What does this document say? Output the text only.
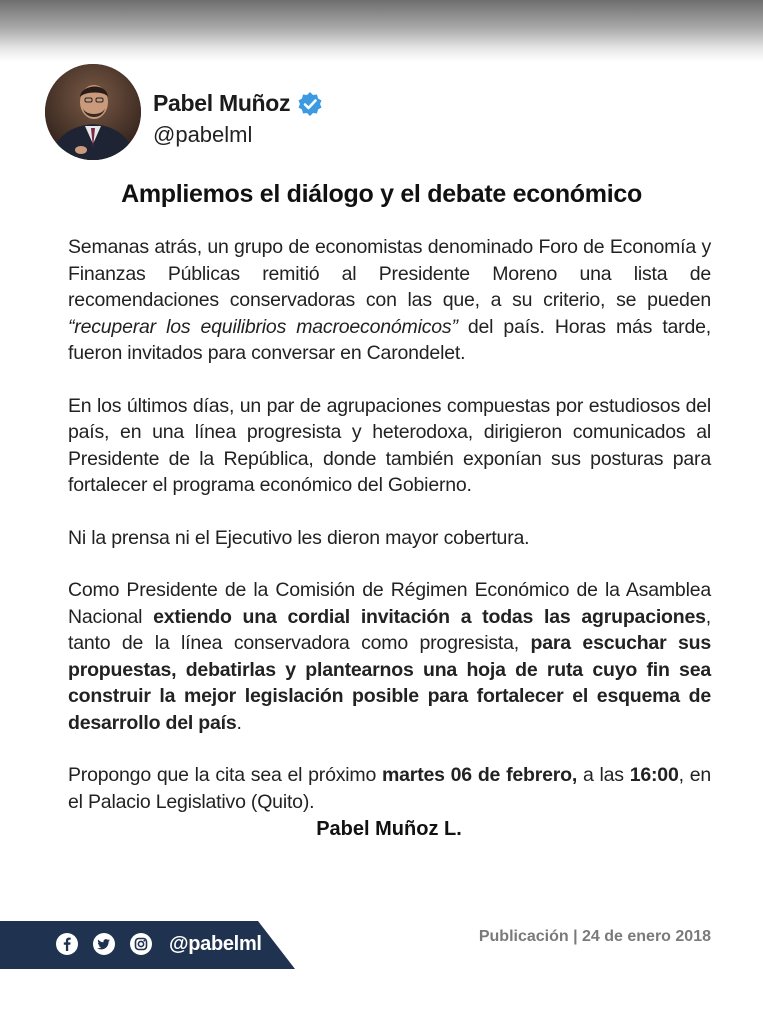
Pabel Muñoz
@pabelml
Ampliemos el diálogo y el debate económico

Semanas atrás, un grupo de economistas denominado Foro de Economía y Finanzas Públicas remitió al Presidente Moreno una lista de recomendaciones conservadoras con las que, a su criterio, se pueden “recuperar los equilibrios macroeconómicos” del país. Horas más tarde, fueron invitados para conversar en Carondelet.

En los últimos días, un par de agrupaciones compuestas por estudiosos del país, en una línea progresista y heterodoxa, dirigieron comunicados al Presidente de la República, donde también exponían sus posturas para fortalecer el programa económico del Gobierno.

Ni la prensa ni el Ejecutivo les dieron mayor cobertura.

Como Presidente de la Comisión de Régimen Económico de la Asamblea Nacional extiendo una cordial invitación a todas las agrupaciones, tanto de la línea conservadora como progresista, para escuchar sus propuestas, debatirlas y plantearnos una hoja de ruta cuyo fin sea construir la mejor legislación posible para fortalecer el esquema de desarrollo del país.

Propongo que la cita sea el próximo martes 06 de febrero, a las 16:00, en el Palacio Legislativo (Quito).

Pabel Muñoz L.
@pabelml	Publicación | 24 de enero 2018
